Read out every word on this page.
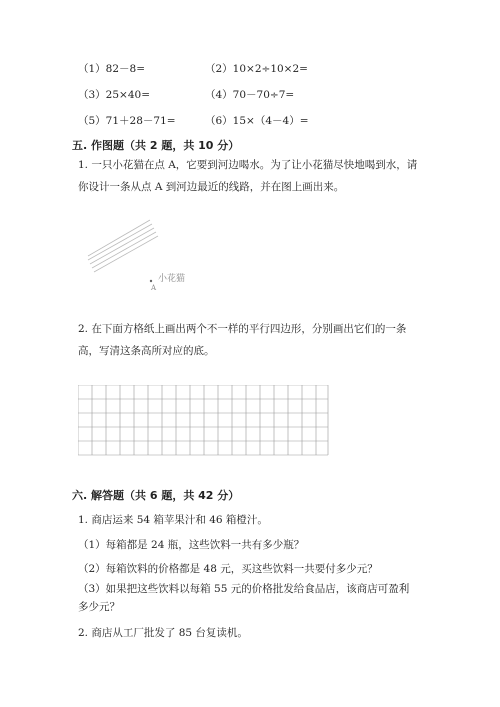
（1）82－8=	（2）10×2÷10×2=
（3）25×40=	（4）70－70÷7=
（5）71＋28－71=	（6）15×（4－4）=
五. 作图题（共 2 题，共 10 分）
1. 一只小花猫在点 A，它要到河边喝水。为了让小花猫尽快地喝到水，请你设计一条从点 A 到河边最近的线路，并在图上画出来。
小花猫
A
2. 在下面方格纸上画出两个不一样的平行四边形，分别画出它们的一条高，写清这条高所对应的底。
六. 解答题（共 6 题，共 42 分）
1. 商店运来 54 箱苹果汁和 46 箱橙汁。
（1）每箱都是 24 瓶，这些饮料一共有多少瓶？
（2）每箱饮料的价格都是 48 元，买这些饮料一共要付多少元？
（3）如果把这些饮料以每箱 55 元的价格批发给食品店，该商店可盈利多少元？
2. 商店从工厂批发了 85 台复读机。
